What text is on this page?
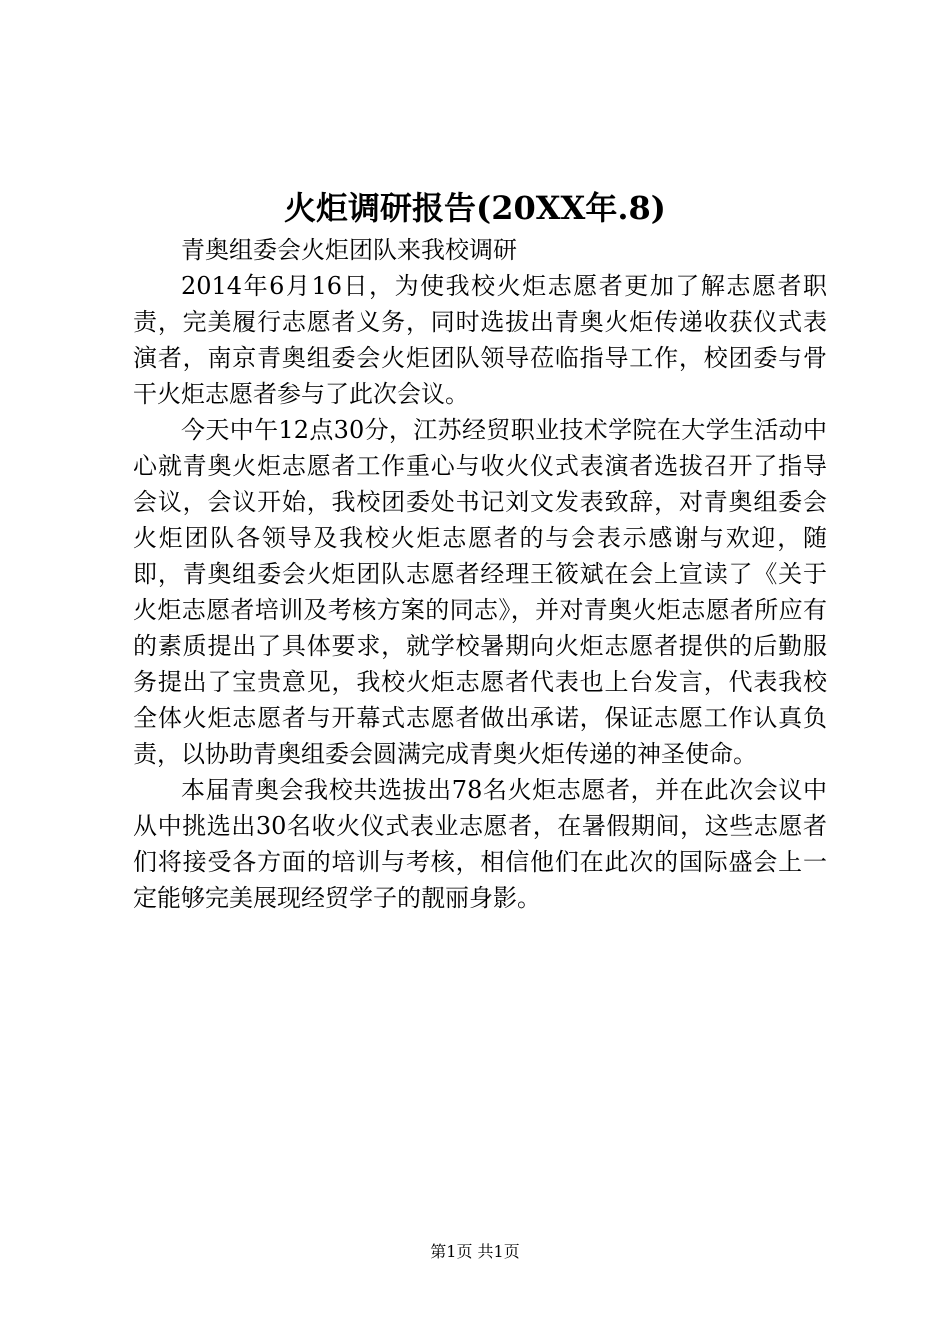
火炬调研报告(20XX年.8)

青奥组委会火炬团队来我校调研

2014年6月16日，为使我校火炬志愿者更加了解志愿者职责，完美履行志愿者义务，同时选拔出青奥火炬传递收获仪式表演者，南京青奥组委会火炬团队领导莅临指导工作，校团委与骨干火炬志愿者参与了此次会议。

今天中午12点30分，江苏经贸职业技术学院在大学生活动中心就青奥火炬志愿者工作重心与收火仪式表演者选拔召开了指导会议，会议开始，我校团委处书记刘文发表致辞，对青奥组委会火炬团队各领导及我校火炬志愿者的与会表示感谢与欢迎，随即，青奥组委会火炬团队志愿者经理王筱斌在会上宣读了《关于火炬志愿者培训及考核方案的同志》，并对青奥火炬志愿者所应有的素质提出了具体要求，就学校暑期向火炬志愿者提供的后勤服务提出了宝贵意见，我校火炬志愿者代表也上台发言，代表我校全体火炬志愿者与开幕式志愿者做出承诺，保证志愿工作认真负责，以协助青奥组委会圆满完成青奥火炬传递的神圣使命。

本届青奥会我校共选拔出78名火炬志愿者，并在此次会议中从中挑选出30名收火仪式表业志愿者，在暑假期间，这些志愿者们将接受各方面的培训与考核，相信他们在此次的国际盛会上一定能够完美展现经贸学子的靓丽身影。

第1页 共1页
